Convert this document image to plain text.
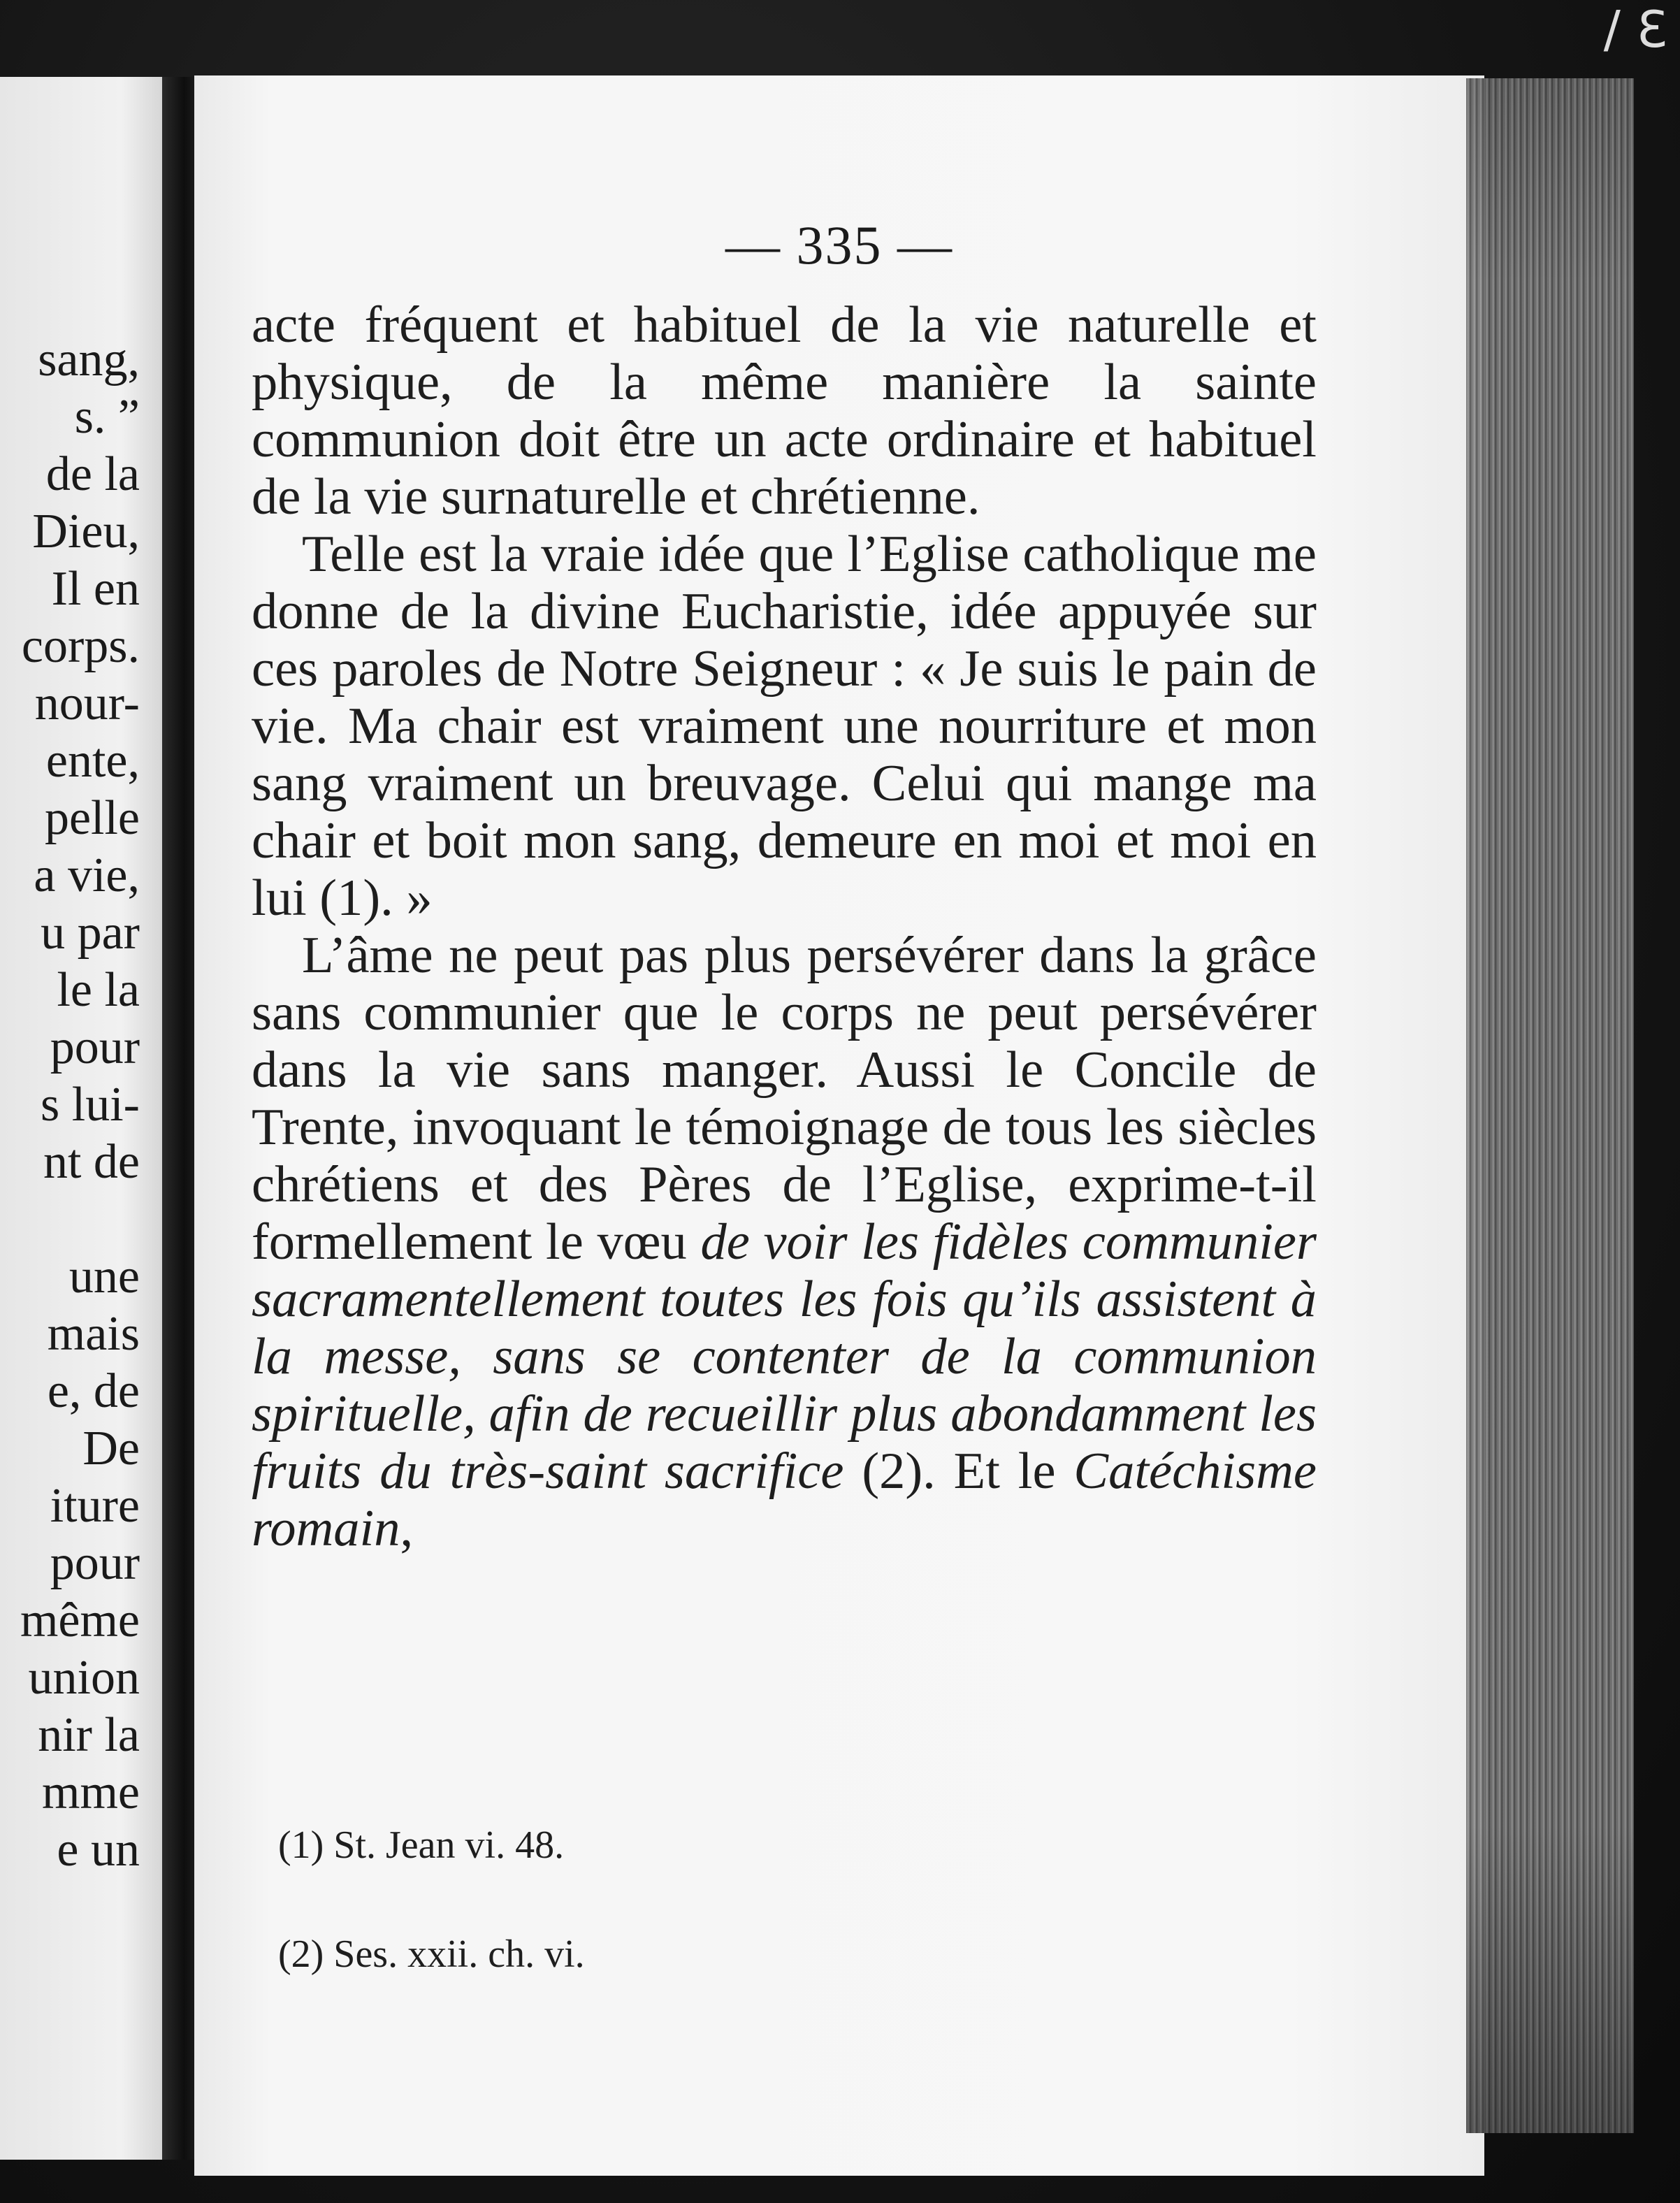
sang,
s. ”
de la
Dieu,
Il en
corps.
nour-
ente,
pelle
a vie,
u par
le la
pour
s lui-
nt de
une
mais
e, de
De
iture
pour
même
union
nir la
mme
e un
/ Ɛ
— 335 —

acte fréquent et habituel de la vie naturelle et physique, de la même manière la sainte communion doit être un acte ordinaire et habituel de la vie surnaturelle et chrétienne.

Telle est la vraie idée que l’Eglise catholique me donne de la divine Eucharistie, idée appuyée sur ces paroles de Notre Seigneur : « Je suis le pain de vie. Ma chair est vraiment une nourriture et mon sang vraiment un breuvage. Celui qui mange ma chair et boit mon sang, demeure en moi et moi en lui (1). »

L’âme ne peut pas plus persévérer dans la grâce sans communier que le corps ne peut persévérer dans la vie sans manger. Aussi le Concile de Trente, invoquant le témoignage de tous les siècles chrétiens et des Pères de l’Eglise, exprime-t-il formellement le vœu de voir les fidèles communier sacramentellement toutes les fois qu’ils assistent à la messe, sans se contenter de la communion spirituelle, afin de recueillir plus abondamment les fruits du très-saint sacrifice (2). Et le Catéchisme romain,

(1) St. Jean vi. 48.
(2) Ses. xxii. ch. vi.
